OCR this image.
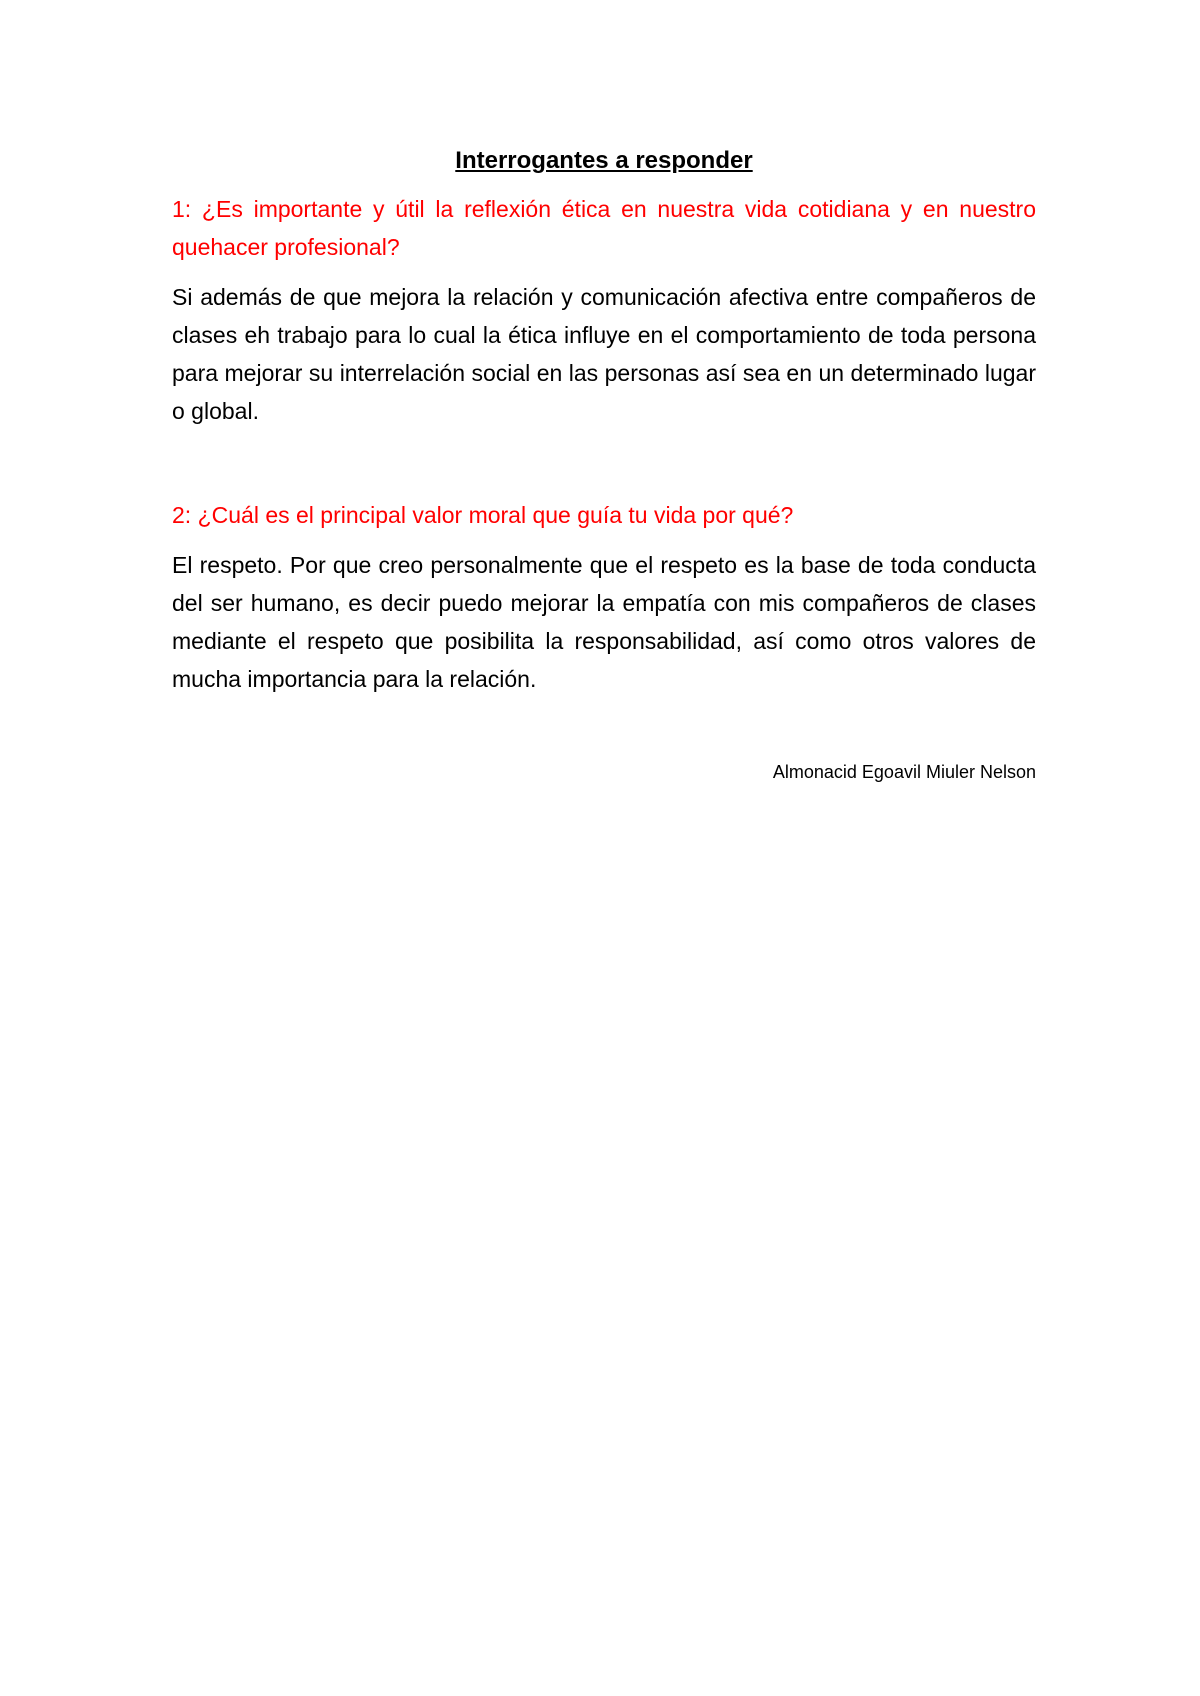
Interrogantes a responder
1: ¿Es importante y útil la reflexión ética en nuestra vida cotidiana y en nuestro quehacer profesional?
Si además de que mejora la relación y comunicación afectiva entre compañeros de clases eh trabajo para lo cual la ética influye en el comportamiento de toda persona para mejorar su interrelación social en las personas así sea en un determinado lugar o global.
2: ¿Cuál es el principal valor moral que guía tu vida por qué?
El respeto. Por que creo personalmente que el respeto es la base de toda conducta del ser humano, es decir puedo mejorar la empatía con mis compañeros de clases mediante el respeto que posibilita la responsabilidad, así como otros valores de mucha importancia para la relación.
Almonacid Egoavil Miuler Nelson
